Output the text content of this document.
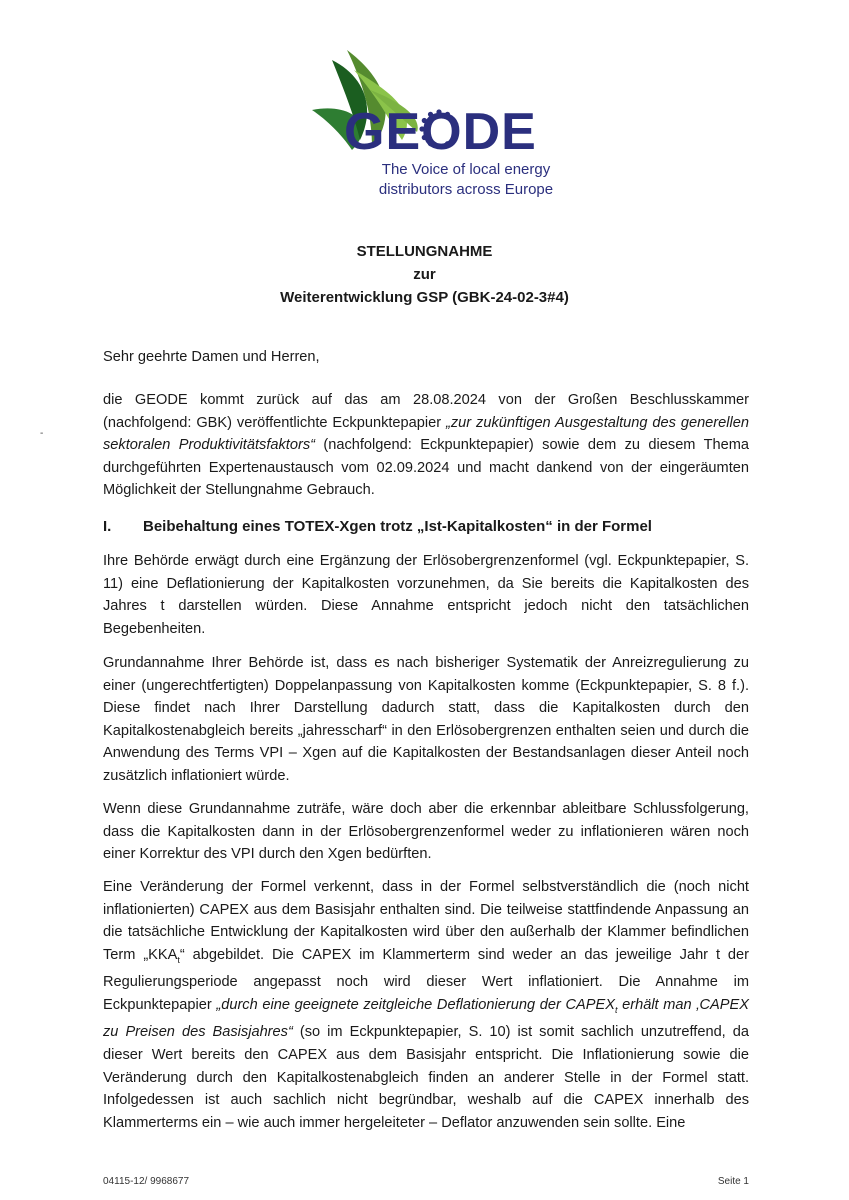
GEODE
The Voice of local energy distributors across Europe
STELLUNGNAHME
zur
Weiterentwicklung GSP (GBK-24-02-3#4)
Sehr geehrte Damen und Herren,
die GEODE kommt zurück auf das am 28.08.2024 von der Großen Beschlusskammer (nachfolgend: GBK) veröffentlichte Eckpunktepapier „zur zukünftigen Ausgestaltung des generellen sektoralen Produktivitätsfaktors“ (nachfolgend: Eckpunktepapier) sowie dem zu diesem Thema durchgeführten Expertenaustausch vom 02.09.2024 und macht dankend von der eingeräumten Möglichkeit der Stellungnahme Gebrauch.
-
I. Beibehaltung eines TOTEX-Xgen trotz „Ist-Kapitalkosten“ in der Formel
Ihre Behörde erwägt durch eine Ergänzung der Erlösobergrenzenformel (vgl. Eckpunktepapier, S. 11) eine Deflationierung der Kapitalkosten vorzunehmen, da Sie bereits die Kapitalkosten des Jahres t darstellen würden. Diese Annahme entspricht jedoch nicht den tatsächlichen Begebenheiten.
Grundannahme Ihrer Behörde ist, dass es nach bisheriger Systematik der Anreizregulierung zu einer (ungerechtfertigten) Doppelanpassung von Kapitalkosten komme (Eckpunktepapier, S. 8 f.). Diese findet nach Ihrer Darstellung dadurch statt, dass die Kapitalkosten durch den Kapitalkostenabgleich bereits „jahresscharf“ in den Erlösobergrenzen enthalten seien und durch die Anwendung des Terms VPI – Xgen auf die Kapitalkosten der Bestandsanlagen dieser Anteil noch zusätzlich inflationiert würde.
Wenn diese Grundannahme zuträfe, wäre doch aber die erkennbar ableitbare Schlussfolgerung, dass die Kapitalkosten dann in der Erlösobergrenzenformel weder zu inflationieren wären noch einer Korrektur des VPI durch den Xgen bedürften.
Eine Veränderung der Formel verkennt, dass in der Formel selbstverständlich die (noch nicht inflationierten) CAPEX aus dem Basisjahr enthalten sind. Die teilweise stattfindende Anpassung an die tatsächliche Entwicklung der Kapitalkosten wird über den außerhalb der Klammer befindlichen Term $„KKA_t“$ abgebildet. Die CAPEX im Klammerterm sind weder an das jeweilige Jahr t der Regulierungsperiode angepasst noch wird dieser Wert inflationiert. Die Annahme im Eckpunktepapier „durch eine geeignete zeitgleiche Deflationierung der $CAPEX_t$ erhält man ‚CAPEX zu Preisen des Basisjahres“ (so im Eckpunktepapier, S. 10) ist somit sachlich unzutreffend, da dieser Wert bereits den CAPEX aus dem Basisjahr entspricht. Die Inflationierung sowie die Veränderung durch den Kapitalkostenabgleich finden an anderer Stelle in der Formel statt. Infolgedessen ist auch sachlich nicht begründbar, weshalb auf die CAPEX innerhalb des Klammerterms ein – wie auch immer hergeleiteter – Deflator anzuwenden sein sollte. Eine
04115-12/ 9968677	Seite 1
